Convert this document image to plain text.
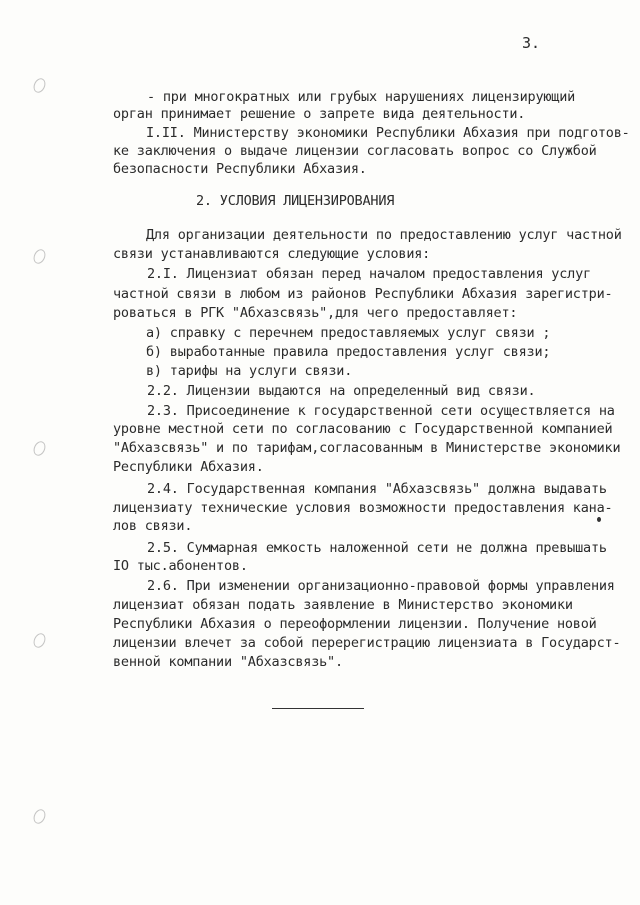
3.
- при многократных или грубых нарушениях лицензирующий
орган принимает решение о запрете вида деятельности.
I.II. Министерству экономики Республики Абхазия при подготов-
ке заключения о выдаче лицензии согласовать вопрос со Службой
безопасности Республики Абхазия.
2. УСЛОВИЯ ЛИЦЕНЗИРОВАНИЯ
Для организации деятельности по предоставлению услуг частной
связи устанавливаются следующие условия:
2.I. Лицензиат обязан перед началом предоставления услуг
частной связи в любом из районов Республики Абхазия зарегистри-
роваться в РГК "Абхазсвязь",для чего предоставляет:
а) справку с перечнем предоставляемых услуг связи ;
б) выработанные правила предоставления услуг связи;
в) тарифы на услуги связи.
2.2. Лицензии выдаются на определенный вид связи.
2.3. Присоединение к государственной сети осуществляется на
уровне местной сети по согласованию с Государственной компанией
"Абхазсвязь" и по тарифам,согласованным в Министерстве экономики
Республики Абхазия.
2.4. Государственная компания "Абхазсвязь" должна выдавать
лицензиату технические условия возможности предоставления кана-
лов связи.
2.5. Суммарная емкость наложенной сети не должна превышать
IO тыс.абонентов.
2.6. При изменении организационно-правовой формы управления
лицензиат обязан подать заявление в Министерство экономики
Республики Абхазия о переоформлении лицензии. Получение новой
лицензии влечет за собой перерегистрацию лицензиата в Государст-
венной компании "Абхазсвязь".
